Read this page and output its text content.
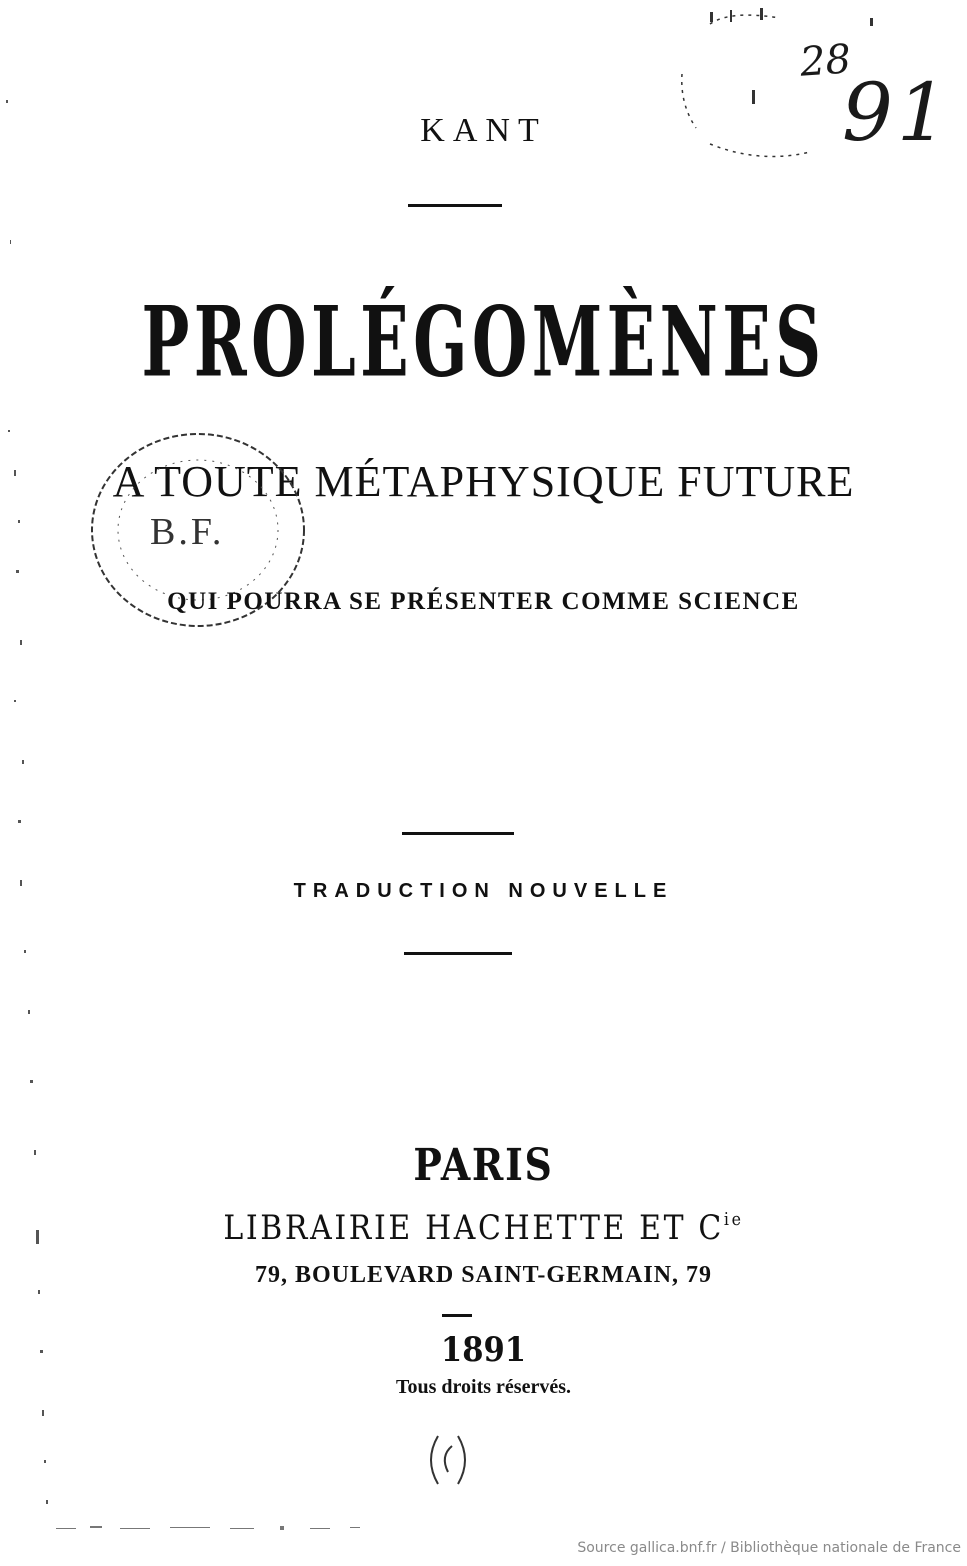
28
91
KANT
PROLÉGOMÈNES
A TOUTE MÉTAPHYSIQUE FUTURE
B.F.
QUI POURRA SE PRÉSENTER COMME SCIENCE
TRADUCTION NOUVELLE
PARIS
LIBRAIRIE HACHETTE ET $C^{ie}$
79, BOULEVARD SAINT-GERMAIN, 79
1891
Tous droits réservés.
Source gallica.bnf.fr / Bibliothèque nationale de France
